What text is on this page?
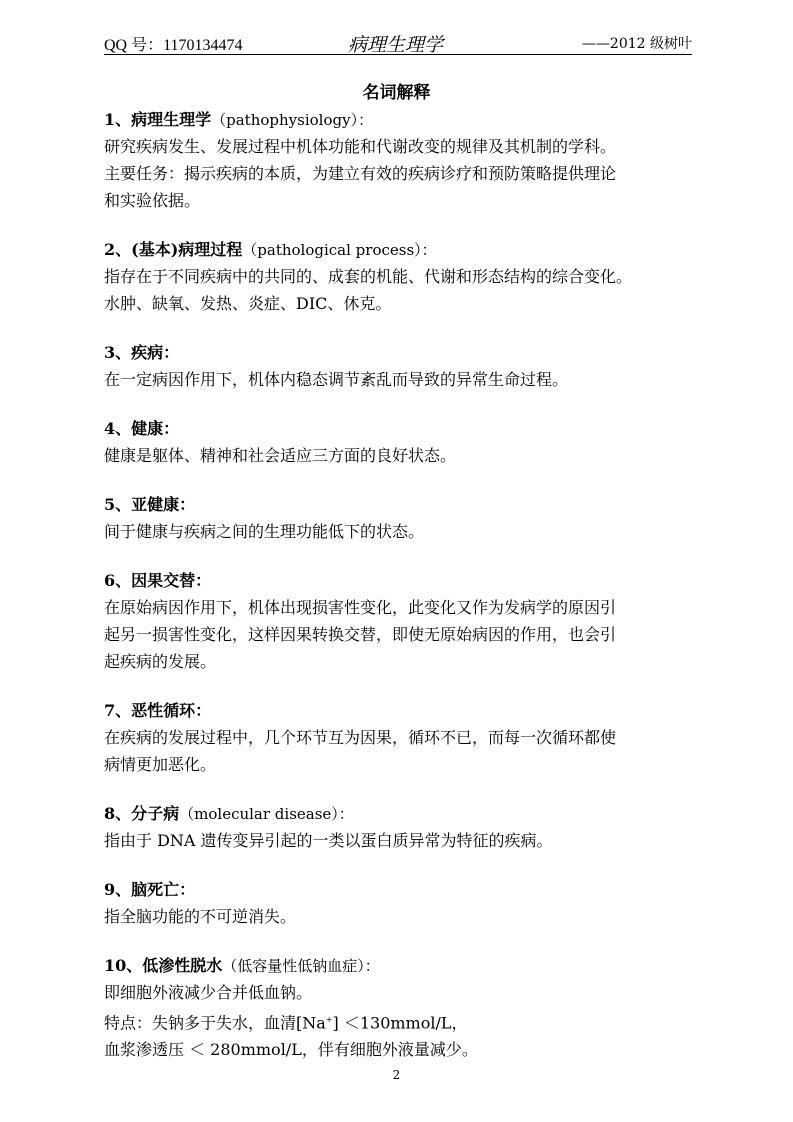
QQ 号：1170134474	病理生理学	——2012 级树叶
名词解释

1、病理生理学（pathophysiology）：

研究疾病发生、发展过程中机体功能和代谢改变的规律及其机制的学科。

主要任务：揭示疾病的本质，为建立有效的疾病诊疗和预防策略提供理论

和实验依据。

2、(基本)病理过程（pathological process）：

指存在于不同疾病中的共同的、成套的机能、代谢和形态结构的综合变化。

水肿、缺氧、发热、炎症、DIC、休克。

3、疾病：

在一定病因作用下，机体内稳态调节紊乱而导致的异常生命过程。

4、健康：

健康是躯体、精神和社会适应三方面的良好状态。

5、亚健康：

间于健康与疾病之间的生理功能低下的状态。

6、因果交替：

在原始病因作用下，机体出现损害性变化，此变化又作为发病学的原因引

起另一损害性变化，这样因果转换交替，即使无原始病因的作用，也会引

起疾病的发展。

7、恶性循环：

在疾病的发展过程中，几个环节互为因果，循环不已，而每一次循环都使

病情更加恶化。

8、分子病（molecular disease）：

指由于 DNA 遗传变异引起的一类以蛋白质异常为特征的疾病。

9、脑死亡：

指全脑功能的不可逆消失。

10、低渗性脱水（低容量性低钠血症）：

即细胞外液减少合并低血钠。

特点：失钠多于失水，血清[Na+] ＜130mmol/L，

血浆渗透压 ＜ 280mmol/L，伴有细胞外液量减少。

2
